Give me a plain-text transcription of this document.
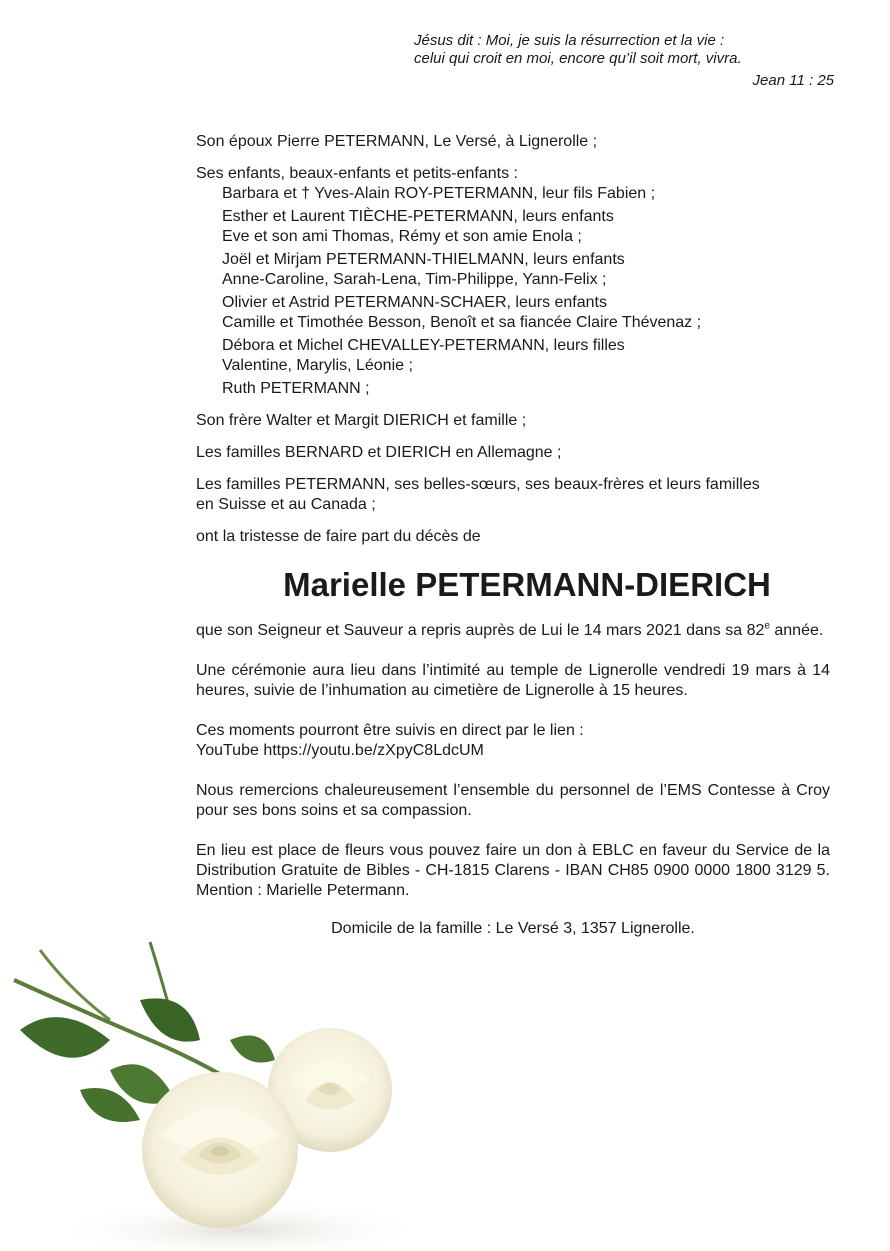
Jésus dit : Moi, je suis la résurrection et la vie :
celui qui croit en moi, encore qu’il soit mort, vivra.
Jean 11 : 25
Son époux Pierre PETERMANN, Le Versé, à Lignerolle ;
Ses enfants, beaux-enfants et petits-enfants :
Barbara et † Yves-Alain ROY-PETERMANN, leur fils Fabien ;
Esther et Laurent TIÈCHE-PETERMANN, leurs enfants
Eve et son ami Thomas, Rémy et son amie Enola ;
Joël et Mirjam PETERMANN-THIELMANN, leurs enfants
Anne-Caroline, Sarah-Lena, Tim-Philippe, Yann-Felix ;
Olivier et Astrid PETERMANN-SCHAER, leurs enfants
Camille et Timothée Besson, Benoît et sa fiancée Claire Thévenaz ;
Débora et Michel CHEVALLEY-PETERMANN, leurs filles
Valentine, Marylis, Léonie ;
Ruth PETERMANN ;
Son frère Walter et Margit DIERICH et famille ;
Les familles BERNARD et DIERICH en Allemagne ;
Les familles PETERMANN, ses belles-sœurs, ses beaux-frères et leurs familles
en Suisse et au Canada ;
ont la tristesse de faire part du décès de
Marielle PETERMANN-DIERICH
que son Seigneur et Sauveur a repris auprès de Lui le 14 mars 2021 dans sa 82e année.
Une cérémonie aura lieu dans l’intimité au temple de Lignerolle vendredi 19 mars à 14 heures, suivie de l’inhumation au cimetière de Lignerolle à 15 heures.
Ces moments pourront être suivis en direct par le lien :
YouTube https://youtu.be/zXpyC8LdcUM
Nous remercions chaleureusement l’ensemble du personnel de l’EMS Contesse à Croy pour ses bons soins et sa compassion.
En lieu est place de fleurs vous pouvez faire un don à EBLC en faveur du Service de la Distribution Gratuite de Bibles - CH-1815 Clarens - IBAN CH85 0900 0000 1800 3129 5. Mention : Marielle Petermann.
Domicile de la famille : Le Versé 3, 1357 Lignerolle.
